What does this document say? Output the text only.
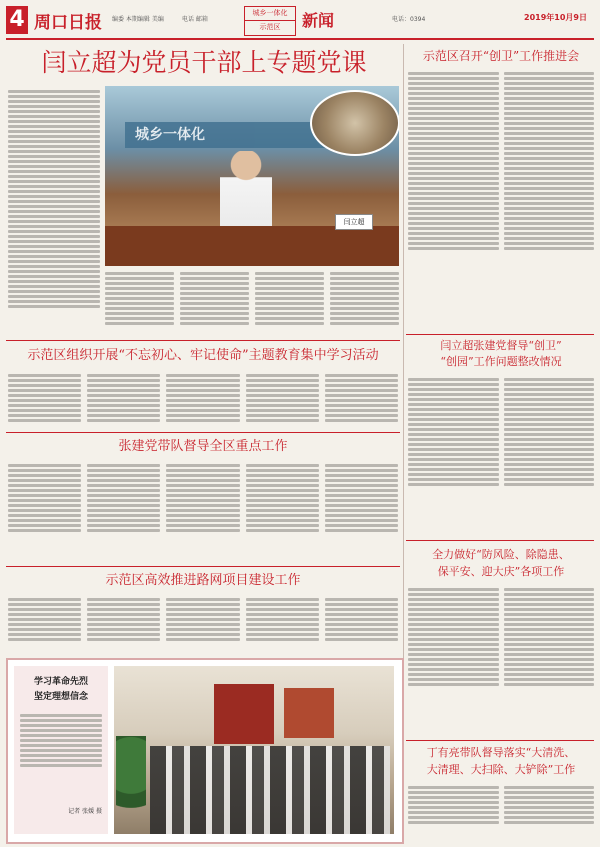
4 周口日报 编委 本期编辑 美编	电话 邮箱
城乡一体化
示范区	新闻	电话：0394	2019年10月9日
闫立超为党员干部上专题党课
城乡一体化
闫立超
示范区组织开展“不忘初心、牢记使命”主题教育集中学习活动
张建党带队督导全区重点工作
示范区高效推进路网项目建设工作
学习革命先烈
坚定理想信念
记者 张媛 摄
示范区召开“创卫”工作推进会
闫立超张建党督导“创卫”
“创园”工作问题整改情况
全力做好“防风险、除隐患、
保平安、迎大庆”各项工作
丁有亮带队督导落实“大清洗、
大清理、大扫除、大铲除”工作
